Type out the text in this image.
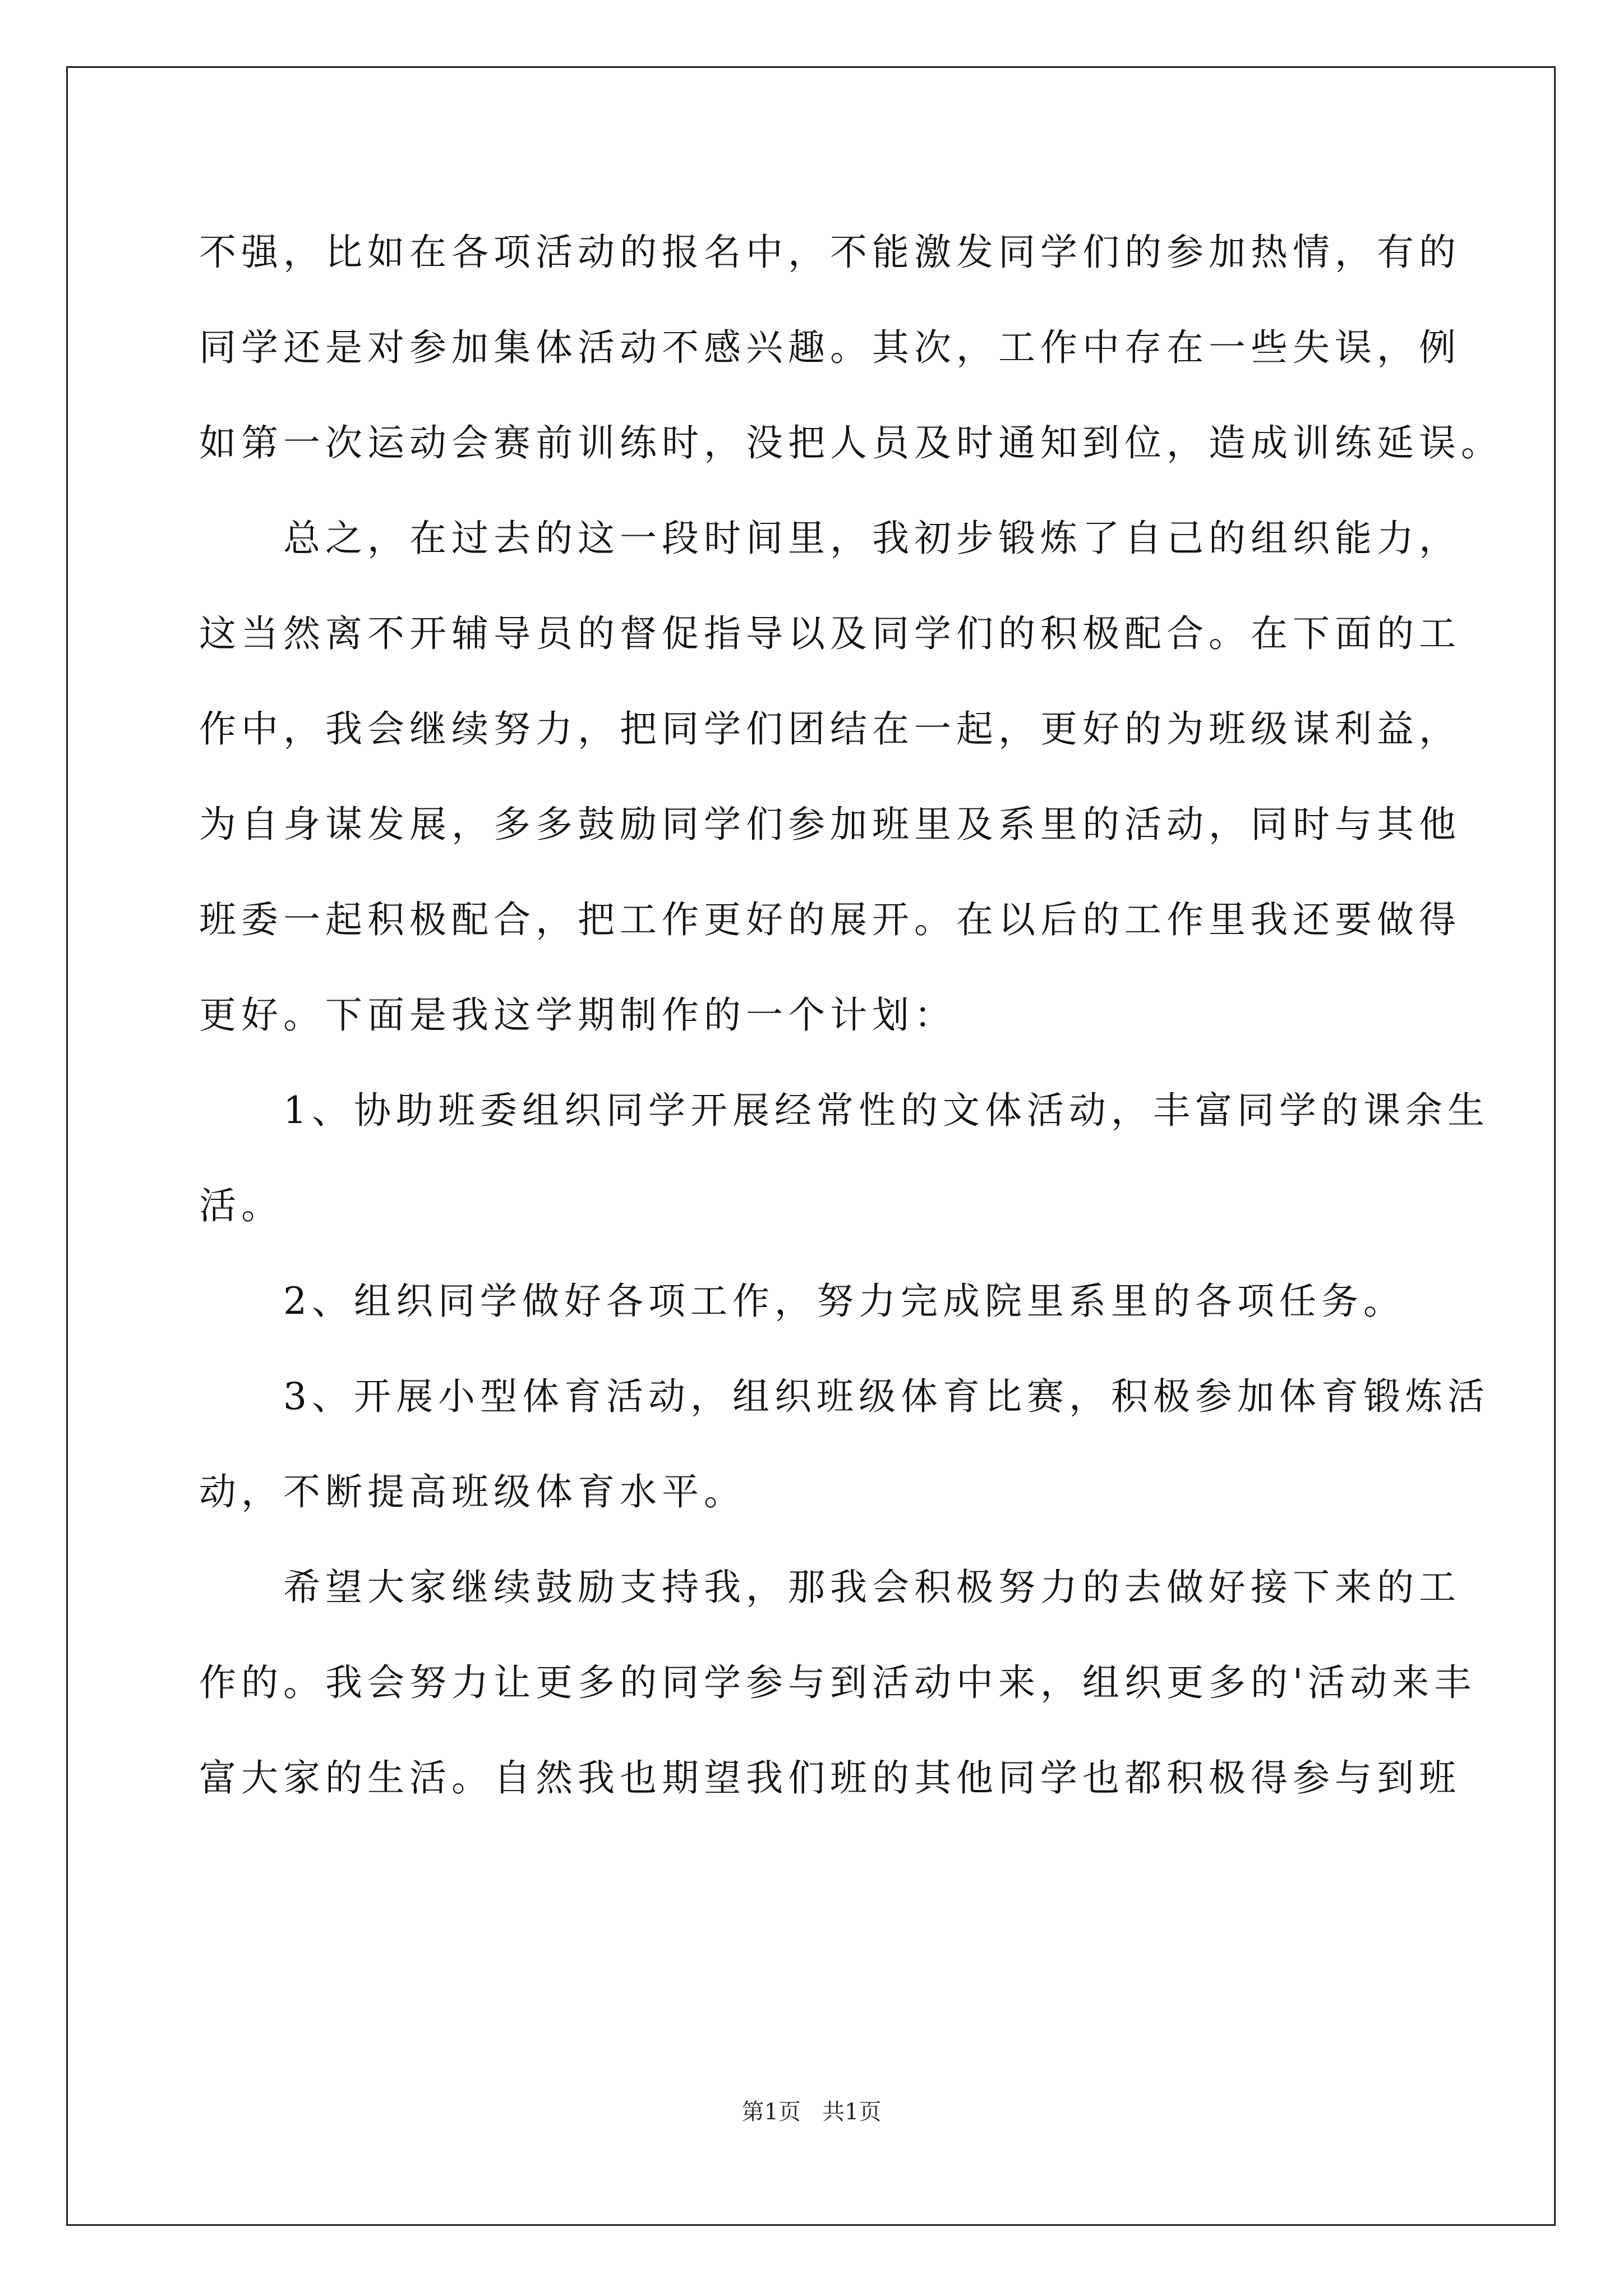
不强，比如在各项活动的报名中，不能激发同学们的参加热情，有的
同学还是对参加集体活动不感兴趣。其次，工作中存在一些失误，例
如第一次运动会赛前训练时，没把人员及时通知到位，造成训练延误。
　　总之，在过去的这一段时间里，我初步锻炼了自己的组织能力，
这当然离不开辅导员的督促指导以及同学们的积极配合。在下面的工
作中，我会继续努力，把同学们团结在一起，更好的为班级谋利益，
为自身谋发展，多多鼓励同学们参加班里及系里的活动，同时与其他
班委一起积极配合，把工作更好的展开。在以后的工作里我还要做得
更好。下面是我这学期制作的一个计划：
　　1、协助班委组织同学开展经常性的文体活动，丰富同学的课余生
活。
　　2、组织同学做好各项工作，努力完成院里系里的各项任务。
　　3、开展小型体育活动，组织班级体育比赛，积极参加体育锻炼活
动，不断提高班级体育水平。
　　希望大家继续鼓励支持我，那我会积极努力的去做好接下来的工
作的。我会努力让更多的同学参与到活动中来，组织更多的'活动来丰
富大家的生活。自然我也期望我们班的其他同学也都积极得参与到班
第1页   共1页
